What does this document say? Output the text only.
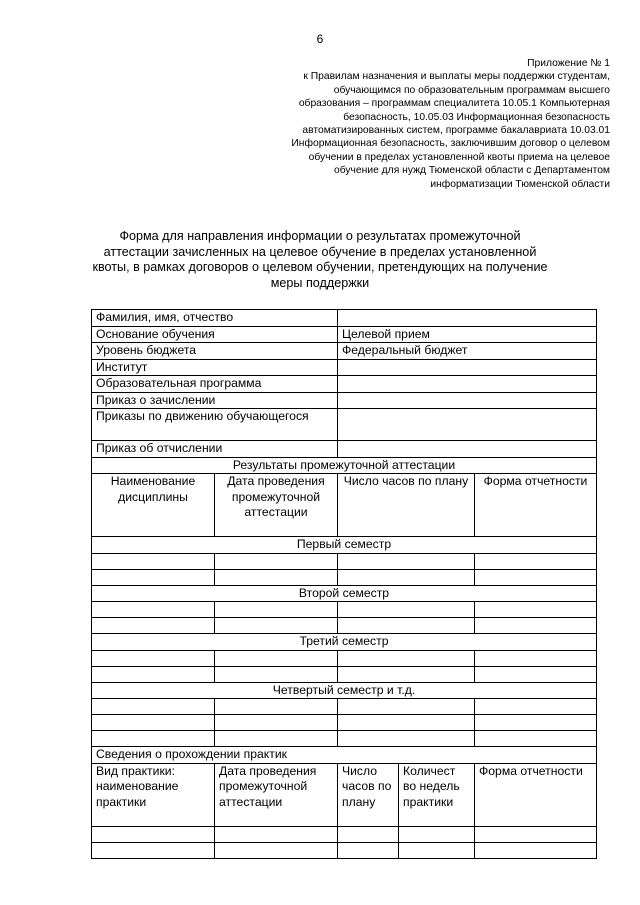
6
Приложение № 1
к Правилам назначения и выплаты меры поддержки студентам,
обучающимся по образовательным программам высшего
образования – программам специалитета 10.05.1 Компьютерная
безопасность, 10.05.03 Информационная безопасность
автоматизированных систем, программе бакалавриата 10.03.01
Информационная безопасность, заключившим договор о целевом
обучении в пределах установленной квоты приема на целевое
обучение для нужд Тюменской области с Департаментом
информатизации Тюменской области
Форма для направления информации о результатах промежуточной
аттестации зачисленных на целевое обучение в пределах установленной
квоты, в рамках договоров о целевом обучении, претендующих на получение
меры поддержки
Фамилия, имя, отчество				
Основание обучения		Целевой прием		
Уровень бюджета		Федеральный бюджет		
Институт				
Образовательная программа				
Приказ о зачислении				
Приказы по движению обучающегося				
Приказ об отчислении				
Результаты промежуточной аттестации				
Наименование дисциплины	Дата проведения промежуточной аттестации	Число часов по плану		Форма отчетности
Первый семестр				

Второй семестр				

Третий семестр				

Четвертый семестр и т.д.				

Сведения о прохождении практик				
Вид практики: наименование практики	Дата проведения промежуточной аттестации	Число часов по плану	Количест во недель практики	Форма отчетности
